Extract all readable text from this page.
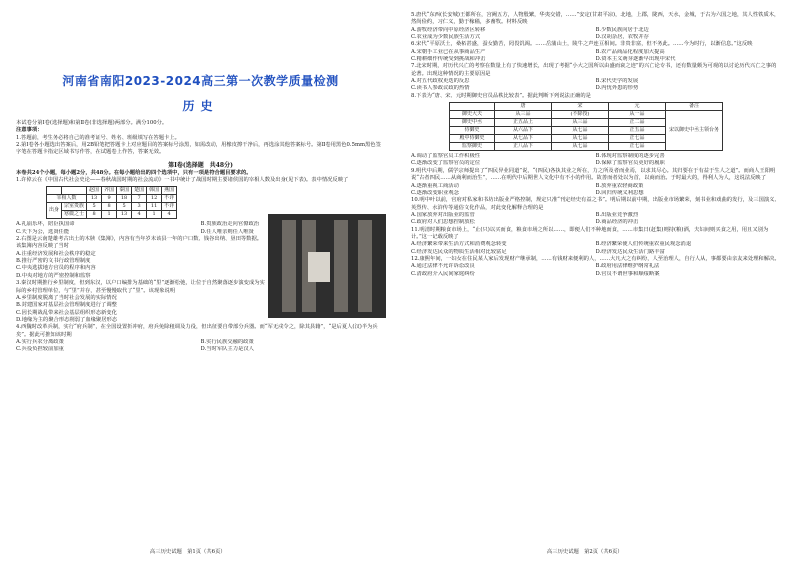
河南省南阳2023-2024高三第一次教学质量检测
历史

本试卷分第Ⅰ卷(选择题)和第Ⅱ卷(非选择题)两部分。满分100分。

注意事项：

1.答题前，考生务必将自己的准考证号、姓名、班级填写在答题卡上。

2.第Ⅰ卷各小题选出答案后，用2B铅笔把答题卡上对应题目的答案标号涂黑，如需改动，用橡皮擦干净后，再选涂其他答案标号。第Ⅱ卷用黑色0.5mm黑色签字笔在答题卡指定区域书写作答，在试题卷上作答，答案无效。

第Ⅰ卷(选择题　共48分)

本卷共24个小题，每小题2分，共48分。在每小题给出的四个选项中，只有一项是符合题目要求的。

1.许倬云在《中国古代社会史论——春秋战国时期的社会流动》一书中统计了战国时期主要诸侯国的宰相人数及出身(见下表)。表中情况反映了

		赵国	齐国	秦国	楚国	韩国	燕国
宰相人数		13	9	18	7	12	不详
出身	宗室贵族	5	8	5	3	11	不详
	寒微之士	8	1	13	4	1	4
A.礼崩乐坏，陪臣执国命	B.贵族政治走向官僚政治
C.天下为公，选贤任能	D.任人唯亲则任人唯贤

2.右图是云南楚雄考古出土的木牍《集簿》，内容有当年岁末该县一年的户口数、钱谷出纳、垦田等数据。该集簿内容反映了当时

A.注重经济发展和社会秩序的稳定

B.推行严密的文书行政管理制度

C.中央选拔地方官员的程序和内容

D.中央对地方的严密控制和监察

3.秦汉时期推行乡里制度，但到东汉，以户口编排为基础的“里”逐渐松弛，让位于自然聚落逐步演变成为实际的乡村管理单位，与“里”并存，甚至慢慢取代了“里”。该现象说明

A.乡里制度脱离了当时社会发展的实际情况

B.封建国家对基层社会管理制度进行了调整

C.因长期战乱带来社会基层组织形态新变化

D.地缘为主的聚合形态削弱了血缘聚居形态

4.西魏时改革兵制，实行“府兵制”，在全国设置折冲府，府兵免除租调及力役，但出征要自带部分兵器。而“军无戍令之，除其县籍”，“是后夏人(汉)半为兵矣”。据此可推知该时期

A.实行兵农分离政策	B.实行民族交融的政策
C.兵役负担较前加重	D.当时军队主力是汉人
高三历史试题　第1页（共6页）

5.唐代“东西(长安城)王都所在，宫阙五方，人物殷繁，华夷交错，……”安定(甘肃平凉)，北地，上郡，陇西，天水，金城，于古为六国之地，其人性铁质木，然尚俭约，习仁义，勤于稼穑，多畜牧。材料反映

A.游牧经济带向中原经济区转移	B.少数民族向居于北边
C.农业成为少数民族生活方式	D.汉胡杂居，农牧并存

6.宋代“平原沃土，桑柘甚盛，蚕女勤苦，罔畏饥渴。……岳蒲山土，陵牛之声连亘相间。非贵非富，但不务此。……今为时行，以渐信息。”这反映

A.宋朝手工业已在从事商品生产	B.农产品商品化程度加大提高
C.精耕细作传统受到挑战和冲击	D.资本主义萌芽逐渐早出现中宋代

7.北宋时期，对历代兴亡的考察在数量上有了快速增长，出现了考据“小大之国所以由盛而衰之迹”的兴亡论专书，还有数量颇为可观的以讨论历代兴亡之事的论著。出现这种情况的主要原因是

A.对五代政权更迭的反思	B.宋代史学的发展
C.读书人参政议政的热情	D.内忧外患的形势

8.下表为“唐、宋、元时期御史官员品秩比较表”。据此判断下列说法正确的是

	唐	宋	元	备注
御史大夫	从三品	(不除授)	从一品	宋以御史中丞主领台务
御史中丞	正五品上	从三品	正二品	
侍御史	从六品下	从七品	正五品	
殿中侍御史	从七品下	从七品	正七品	
监察御史	正八品下	从七品	正七品	
A.调动了监察官员工作积极性	B.体现对监察制度的逐步完善
C.逐渐改变了监察官员的定位	D.保障了监察官员更好的履职

9.明代中后期，儒学宗师提出了“四民异业同道”说，“(四民)各执其业之所在，力之所及者而业焉，以求其尽心。其归要在于有益于生人之道”。而商人王阳明说“古者四民……从商利而治生”，……在明代中后期世人文化中有不小的作用。故善而者处以为首，以商而治。于时最大的，得利人为人，这说法反映了

A.逐渐重视工商活动	B.放弃重农轻商政策
C.逐渐改变职业观念	D.回归传统义利思想

10.明中叶以前，官府对私家和书坊出版业严格控制，规定只准“刊定经史有益之书”。明后期以前中期，出版业市场繁荣，刻书业和戏曲的发行，及三国演义、英烈传、水浒传等通俗文化作品，对此变化解释合理的是

A.国家放弃对出版业的监管	B.出版业竞争激烈
C.政府对人们思想控制放松	D.商品经济的冲击

11.明清时期粮食市场上，“止(只)以买而食，粮食市场之所以……，即便人们不种地而食，……市集日(赶集)则持(粮)酒，夫妇间则买食之用，用且又别为计。”这一记载反映了

A.经济繁荣带来生活方式和消费观念转变	B.经济繁荣使人们传统重农重民观念消退
C.经济发达民众的物质生活相对比较富足	D.经济发达民众生活门路丰富

12.康熙年间，一妇女在住民某人家后发现财产继承制，……有钱财来便利的人，……大凡大之有纠纷，人至治理人，自行人从，事都要由亲友来处理和解决。

A.通过法律不允许诉讼改良	B.政府用法律维护纲常礼法
C.清政府介入民间家庭纠纷	D.官员不谓世事和顺绥断案
高三历史试题　第2页（共6页）
